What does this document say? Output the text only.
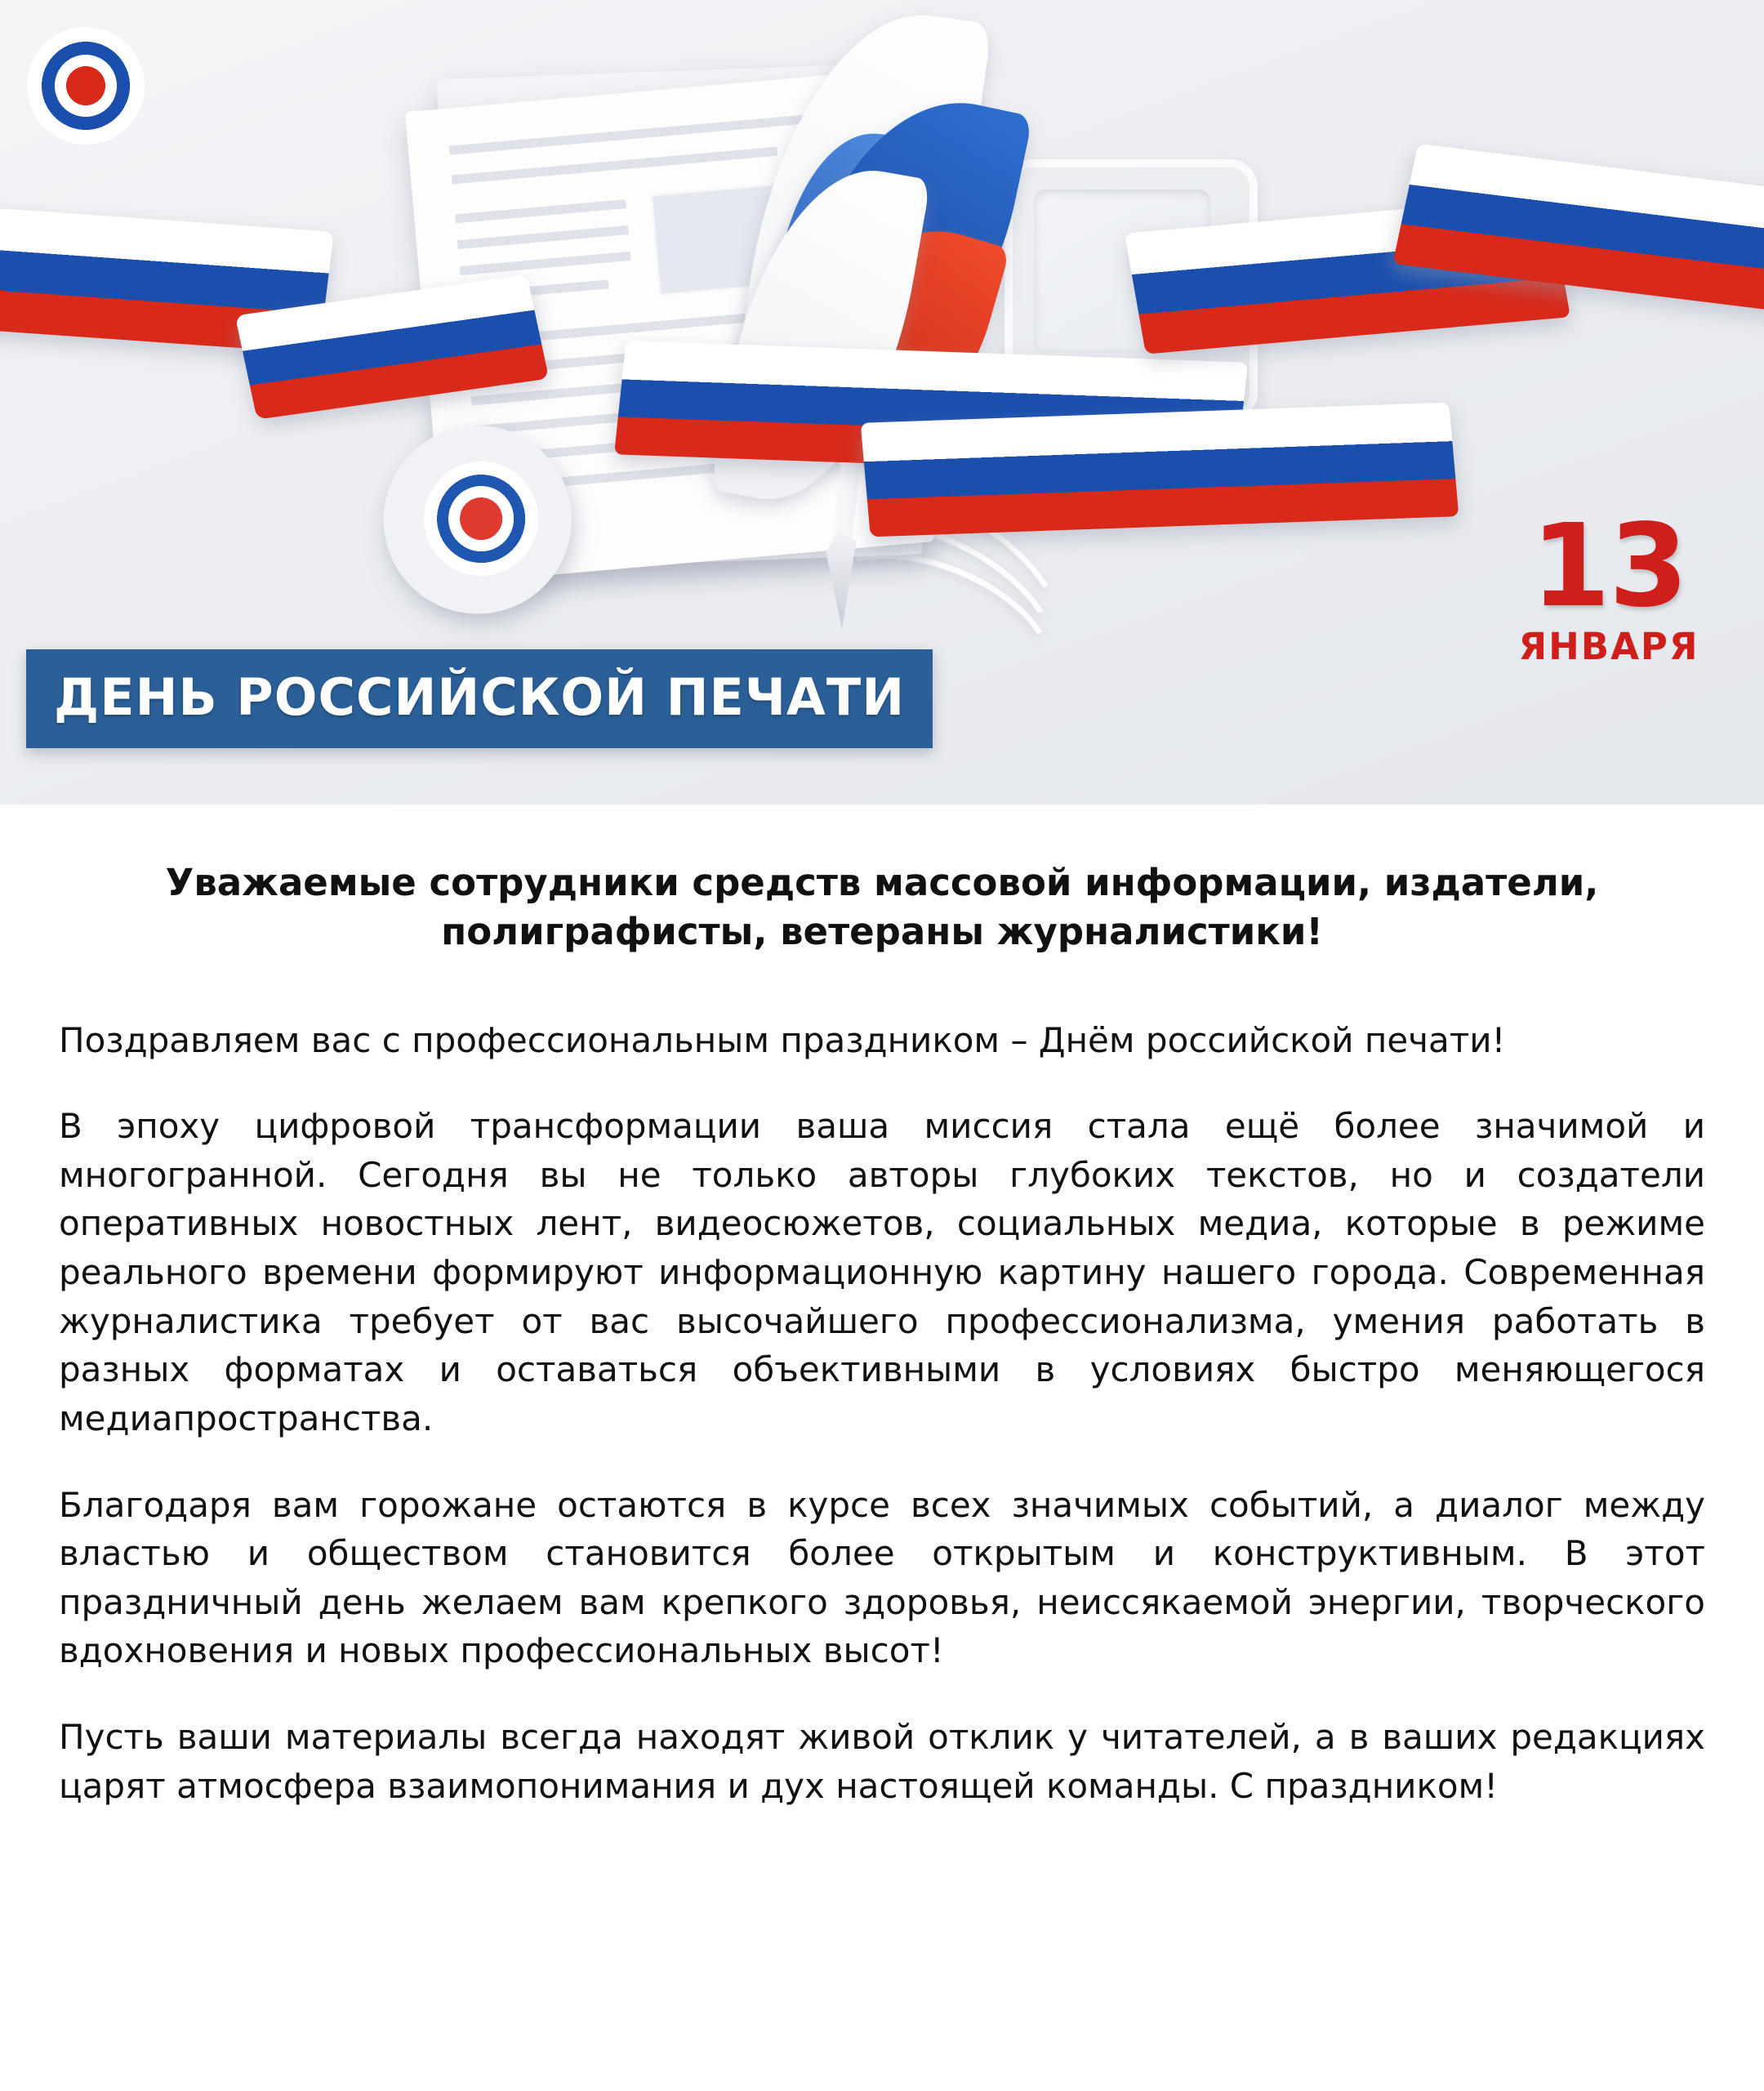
ДЕНЬ РОССИЙСКОЙ ПЕЧАТИ
13
ЯНВАРЯ

Уважаемые сотрудники средств массовой информации, издатели, полиграфисты, ветераны журналистики!

Поздравляем вас с профессиональным праздником – Днём российской печати!

В эпоху цифровой трансформации ваша миссия стала ещё более значимой и многогранной. Сегодня вы не только авторы глубоких текстов, но и создатели оперативных новостных лент, видеосюжетов, социальных медиа, которые в режиме реального времени формируют информационную картину нашего города. Современная журналистика требует от вас высочайшего профессионализма, умения работать в разных форматах и оставаться объективными в условиях быстро меняющегося медиапространства.

Благодаря вам горожане остаются в курсе всех значимых событий, а диалог между властью и обществом становится более открытым и конструктивным. В этот праздничный день желаем вам крепкого здоровья, неиссякаемой энергии, творческого вдохновения и новых профессиональных высот!

Пусть ваши материалы всегда находят живой отклик у читателей, а в ваших редакциях царят атмосфера взаимопонимания и дух настоящей команды. С праздником!
